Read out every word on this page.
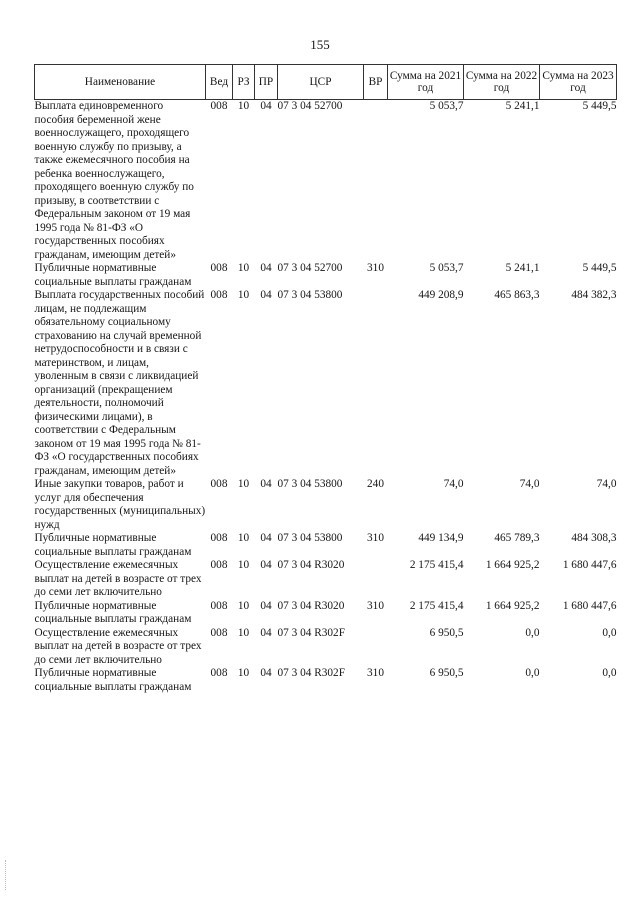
155
Наименование	Вед	РЗ	ПР	ЦСР	ВР	Сумма на 2021 год	Сумма на 2022 год	Сумма на 2023 год
Выплата единовременного пособия беременной жене военнослужащего, проходящего военную службу по призыву, а также ежемесячного пособия на ребенка военнослужащего, проходящего военную службу по призыву, в соответствии с Федеральным законом от 19 мая 1995 года № 81-ФЗ «О государственных пособиях гражданам, имеющим детей»	008	10	04	07 3 04 52700		5 053,7	5 241,1	5 449,5
Публичные нормативные социальные выплаты гражданам	008	10	04	07 3 04 52700	310	5 053,7	5 241,1	5 449,5
Выплата государственных пособий лицам, не подлежащим обязательному социальному страхованию на случай временной нетрудоспособности и в связи с материнством, и лицам, уволенным в связи с ликвидацией организаций (прекращением деятельности, полномочий физическими лицами), в соответствии с Федеральным законом от 19 мая 1995 года № 81-ФЗ «О государственных пособиях гражданам, имеющим детей»	008	10	04	07 3 04 53800		449 208,9	465 863,3	484 382,3
Иные закупки товаров, работ и услуг для обеспечения государственных (муниципальных) нужд	008	10	04	07 3 04 53800	240	74,0	74,0	74,0
Публичные нормативные социальные выплаты гражданам	008	10	04	07 3 04 53800	310	449 134,9	465 789,3	484 308,3
Осуществление ежемесячных выплат на детей в возрасте от трех до семи лет включительно	008	10	04	07 3 04 R3020		2 175 415,4	1 664 925,2	1 680 447,6
Публичные нормативные социальные выплаты гражданам	008	10	04	07 3 04 R3020	310	2 175 415,4	1 664 925,2	1 680 447,6
Осуществление ежемесячных выплат на детей в возрасте от трех до семи лет включительно	008	10	04	07 3 04 R302F		6 950,5	0,0	0,0
Публичные нормативные социальные выплаты гражданам	008	10	04	07 3 04 R302F	310	6 950,5	0,0	0,0
